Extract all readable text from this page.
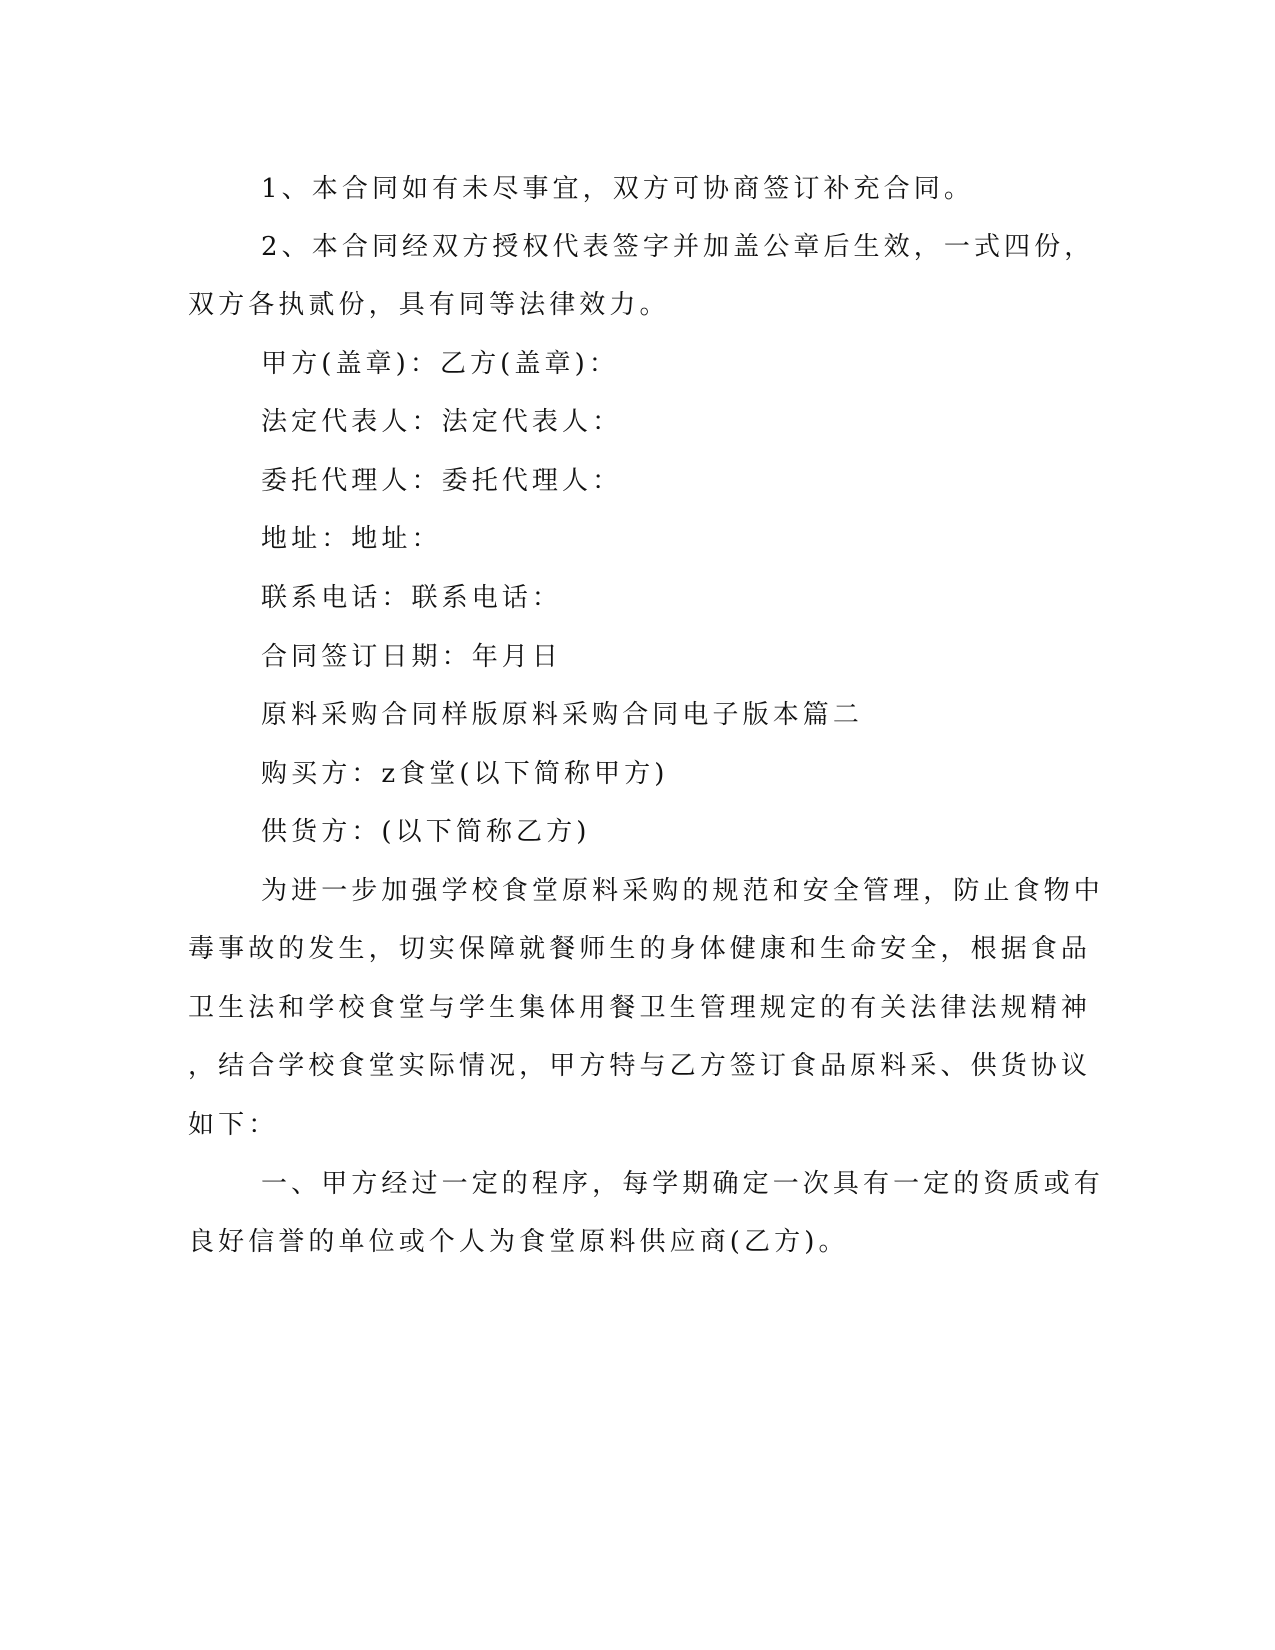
1、本合同如有未尽事宜，双方可协商签订补充合同。
2、本合同经双方授权代表签字并加盖公章后生效，一式四份，
双方各执贰份，具有同等法律效力。
甲方(盖章)：乙方(盖章)：
法定代表人：法定代表人：
委托代理人：委托代理人：
地址：地址：
联系电话：联系电话：
合同签订日期：年月日
原料采购合同样版原料采购合同电子版本篇二
购买方：z食堂(以下简称甲方)
供货方：(以下简称乙方)
为进一步加强学校食堂原料采购的规范和安全管理，防止食物中
毒事故的发生，切实保障就餐师生的身体健康和生命安全，根据食品
卫生法和学校食堂与学生集体用餐卫生管理规定的有关法律法规精神
，结合学校食堂实际情况，甲方特与乙方签订食品原料采、供货协议
如下：
一、甲方经过一定的程序，每学期确定一次具有一定的资质或有
良好信誉的单位或个人为食堂原料供应商(乙方)。
